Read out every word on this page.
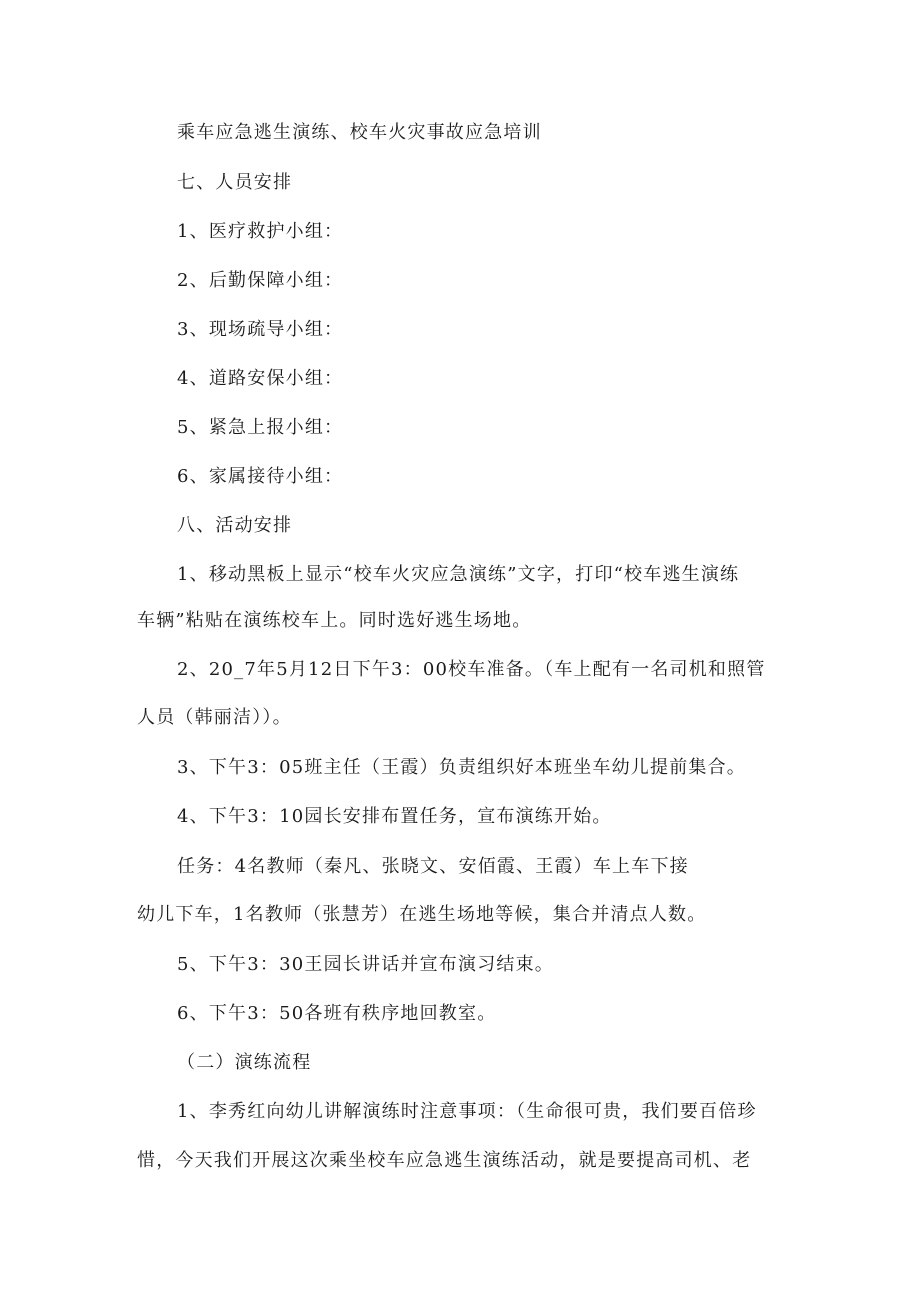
乘车应急逃生演练、校车火灾事故应急培训
七、人员安排
1、医疗救护小组：
2、后勤保障小组：
3、现场疏导小组：
4、道路安保小组：
5、紧急上报小组：
6、家属接待小组：
八、活动安排
1、移动黑板上显示“校车火灾应急演练”文字，打印“校车逃生演练
车辆”粘贴在演练校车上。同时选好逃生场地。
2、20_7年5月12日下午3：00校车准备。（车上配有一名司机和照管
人员（韩丽洁））。
3、下午3：05班主任（王霞）负责组织好本班坐车幼儿提前集合。
4、下午3：10园长安排布置任务，宣布演练开始。
任务：4名教师（秦凡、张晓文、安佰霞、王霞）车上车下接
幼儿下车，1名教师（张慧芳）在逃生场地等候，集合并清点人数。
5、下午3：30王园长讲话并宣布演习结束。
6、下午3：50各班有秩序地回教室。
（二）演练流程
1、李秀红向幼儿讲解演练时注意事项：（生命很可贵，我们要百倍珍
惜，今天我们开展这次乘坐校车应急逃生演练活动，就是要提高司机、老
